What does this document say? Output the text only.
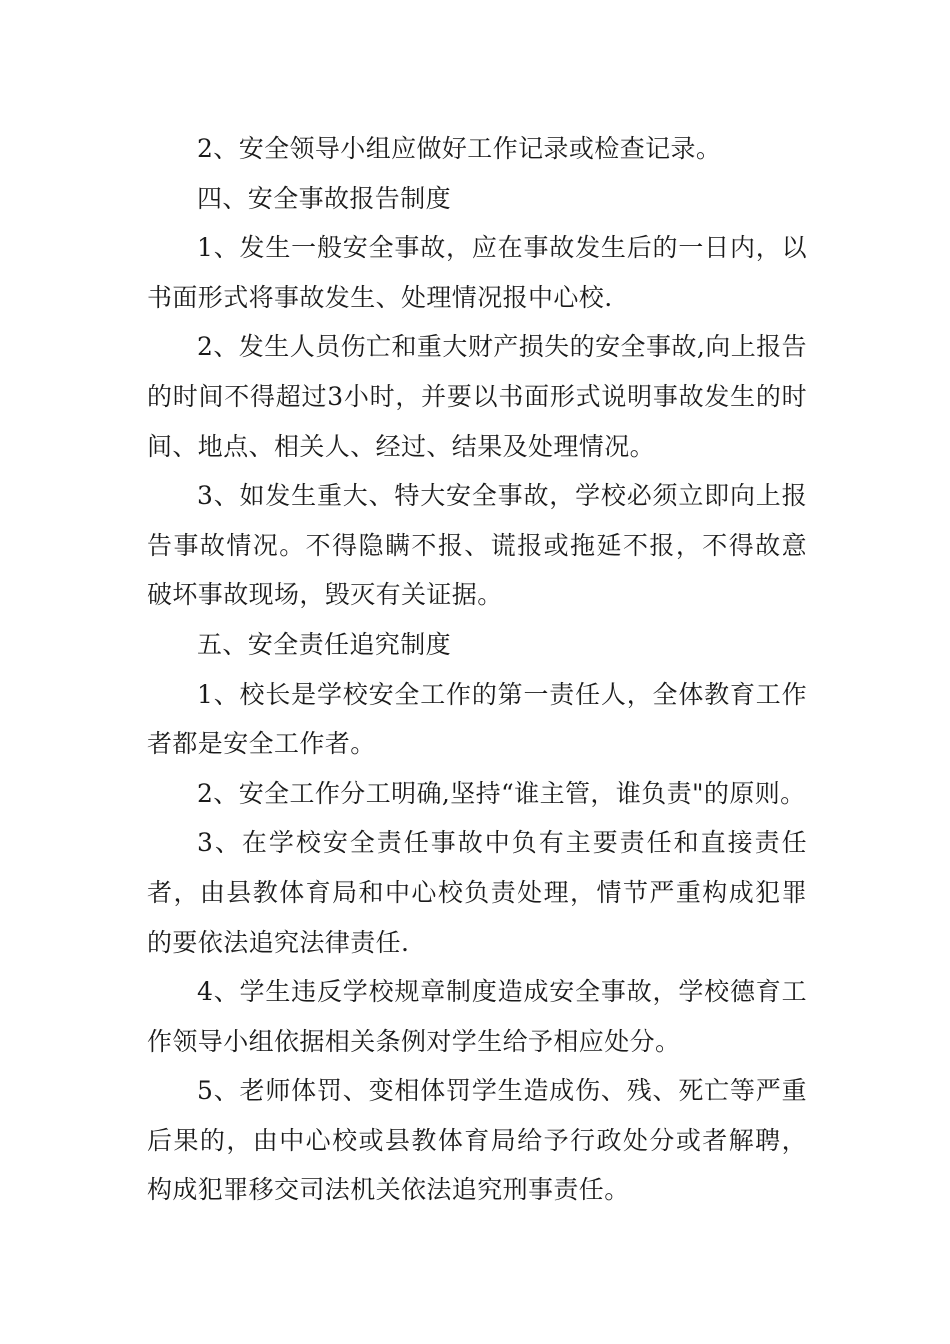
2、安全领导小组应做好工作记录或检查记录。

四、安全事故报告制度

1、发生一般安全事故，应在事故发生后的一日内，以书面形式将事故发生、处理情况报中心校.

2、发生人员伤亡和重大财产损失的安全事故,向上报告的时间不得超过3小时，并要以书面形式说明事故发生的时间、地点、相关人、经过、结果及处理情况。

3、如发生重大、特大安全事故，学校必须立即向上报告事故情况。不得隐瞒不报、谎报或拖延不报，不得故意破坏事故现场，毁灭有关证据。

五、安全责任追究制度

1、校长是学校安全工作的第一责任人，全体教育工作者都是安全工作者。

2、安全工作分工明确,坚持“谁主管，谁负责"的原则。

3、在学校安全责任事故中负有主要责任和直接责任者，由县教体育局和中心校负责处理，情节严重构成犯罪的要依法追究法律责任.

4、学生违反学校规章制度造成安全事故，学校德育工作领导小组依据相关条例对学生给予相应处分。

5、老师体罚、变相体罚学生造成伤、残、死亡等严重后果的，由中心校或县教体育局给予行政处分或者解聘，构成犯罪移交司法机关依法追究刑事责任。
